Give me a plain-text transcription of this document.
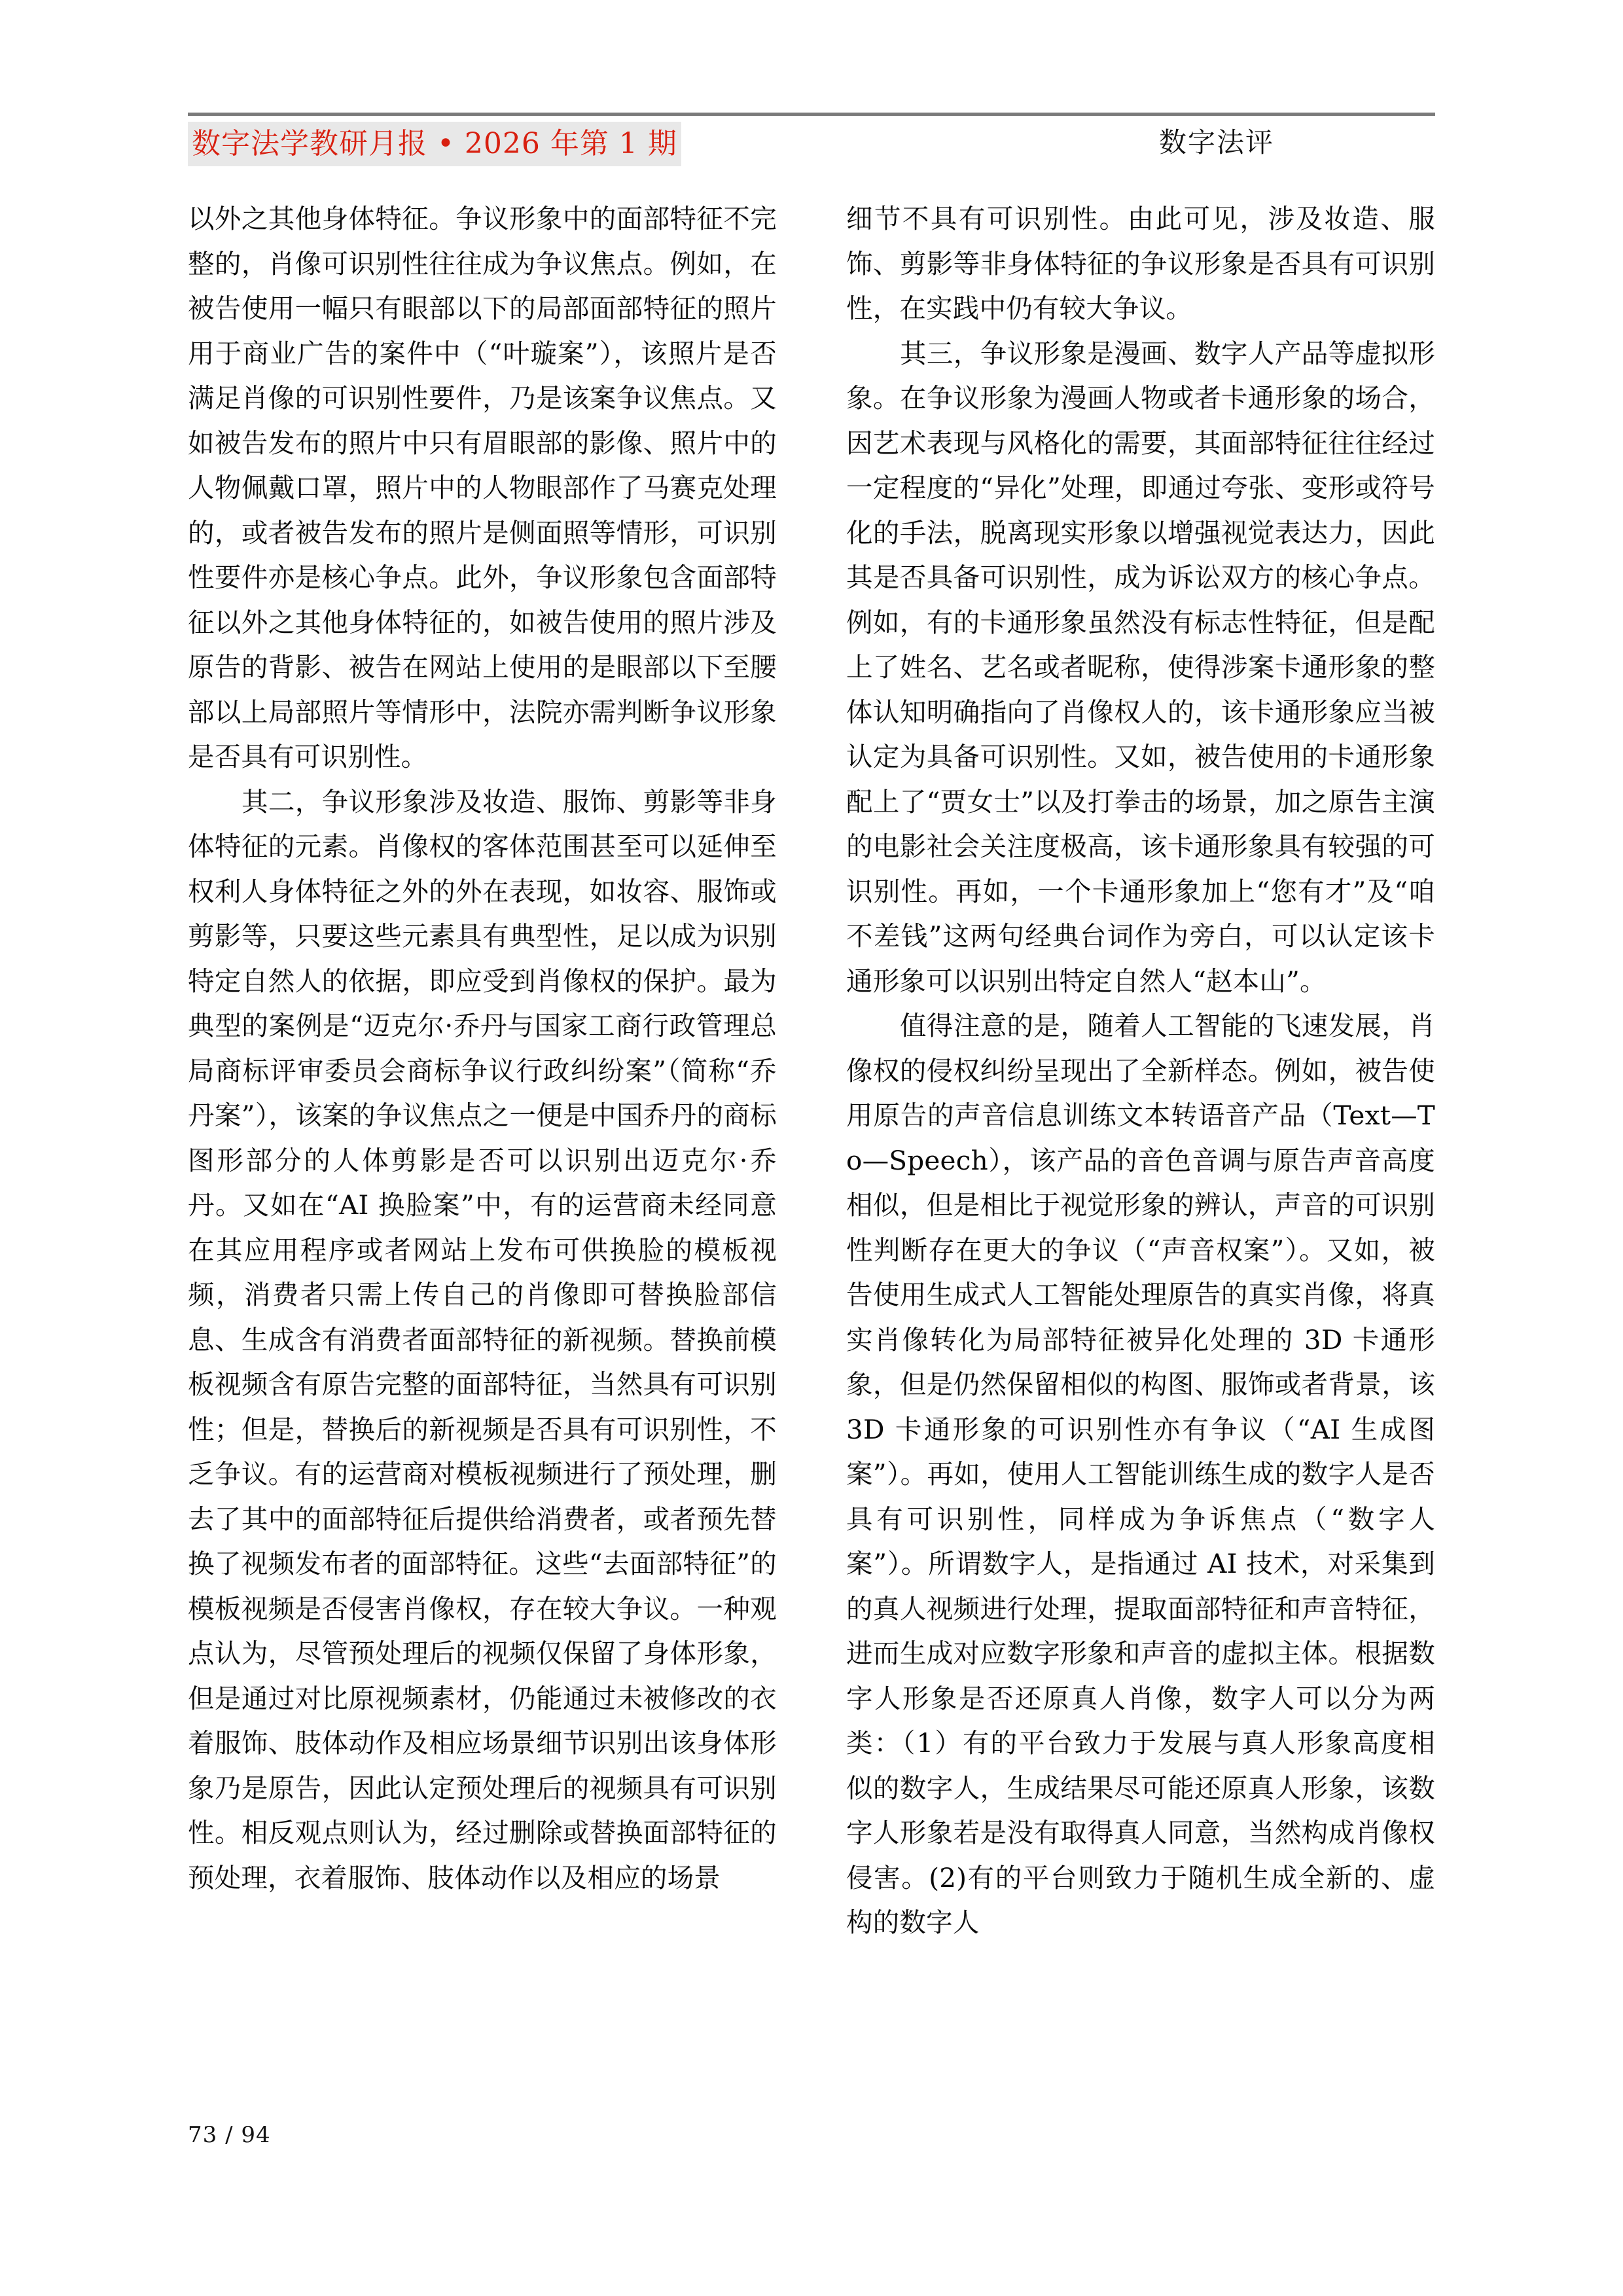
数字法学教研月报 • 2026 年第 1 期	数字法评

以外之其他身体特征。争议形象中的面部特征不完整的，肖像可识别性往往成为争议焦点。例如，在被告使用一幅只有眼部以下的局部面部特征的照片用于商业广告的案件中（“叶璇案”），该照片是否满足肖像的可识别性要件，乃是该案争议焦点。又如被告发布的照片中只有眉眼部的影像、照片中的人物佩戴口罩，照片中的人物眼部作了马赛克处理的，或者被告发布的照片是侧面照等情形，可识别性要件亦是核心争点。此外，争议形象包含面部特征以外之其他身体特征的，如被告使用的照片涉及原告的背影、被告在网站上使用的是眼部以下至腰部以上局部照片等情形中，法院亦需判断争议形象是否具有可识别性。

其二，争议形象涉及妆造、服饰、剪影等非身体特征的元素。肖像权的客体范围甚至可以延伸至权利人身体特征之外的外在表现，如妆容、服饰或剪影等，只要这些元素具有典型性，足以成为识别特定自然人的依据，即应受到肖像权的保护。最为典型的案例是“迈克尔·乔丹与国家工商行政管理总局商标评审委员会商标争议行政纠纷案”（简称“乔丹案”），该案的争议焦点之一便是中国乔丹的商标图形部分的人体剪影是否可以识别出迈克尔·乔丹。又如在“AI 换脸案”中，有的运营商未经同意在其应用程序或者网站上发布可供换脸的模板视频，消费者只需上传自己的肖像即可替换脸部信息、生成含有消费者面部特征的新视频。替换前模板视频含有原告完整的面部特征，当然具有可识别性；但是，替换后的新视频是否具有可识别性，不乏争议。有的运营商对模板视频进行了预处理，删去了其中的面部特征后提供给消费者，或者预先替换了视频发布者的面部特征。这些“去面部特征”的模板视频是否侵害肖像权，存在较大争议。一种观点认为，尽管预处理后的视频仅保留了身体形象，但是通过对比原视频素材，仍能通过未被修改的衣着服饰、肢体动作及相应场景细节识别出该身体形象乃是原告，因此认定预处理后的视频具有可识别性。相反观点则认为，经过删除或替换面部特征的预处理，衣着服饰、肢体动作以及相应的场景

细节不具有可识别性。由此可见，涉及妆造、服饰、剪影等非身体特征的争议形象是否具有可识别性，在实践中仍有较大争议。

其三，争议形象是漫画、数字人产品等虚拟形象。在争议形象为漫画人物或者卡通形象的场合，因艺术表现与风格化的需要，其面部特征往往经过一定程度的“异化”处理，即通过夸张、变形或符号化的手法，脱离现实形象以增强视觉表达力，因此其是否具备可识别性，成为诉讼双方的核心争点。例如，有的卡通形象虽然没有标志性特征，但是配上了姓名、艺名或者昵称，使得涉案卡通形象的整体认知明确指向了肖像权人的，该卡通形象应当被认定为具备可识别性。又如，被告使用的卡通形象配上了“贾女士”以及打拳击的场景，加之原告主演的电影社会关注度极高，该卡通形象具有较强的可识别性。再如，一个卡通形象加上“您有才”及“咱不差钱”这两句经典台词作为旁白，可以认定该卡通形象可以识别出特定自然人“赵本山”。

值得注意的是，随着人工智能的飞速发展，肖像权的侵权纠纷呈现出了全新样态。例如，被告使用原告的声音信息训练文本转语音产品（Text—To—Speech），该产品的音色音调与原告声音高度相似，但是相比于视觉形象的辨认，声音的可识别性判断存在更大的争议（“声音权案”）。又如，被告使用生成式人工智能处理原告的真实肖像，将真实肖像转化为局部特征被异化处理的 3D 卡通形象，但是仍然保留相似的构图、服饰或者背景，该 3D 卡通形象的可识别性亦有争议（“AI 生成图案”）。再如，使用人工智能训练生成的数字人是否具有可识别性，同样成为争诉焦点（“数字人案”）。所谓数字人，是指通过 AI 技术，对采集到的真人视频进行处理，提取面部特征和声音特征，进而生成对应数字形象和声音的虚拟主体。根据数字人形象是否还原真人肖像，数字人可以分为两类：（1）有的平台致力于发展与真人形象高度相似的数字人，生成结果尽可能还原真人形象，该数字人形象若是没有取得真人同意，当然构成肖像权侵害。(2)有的平台则致力于随机生成全新的、虚构的数字人

73 / 94
